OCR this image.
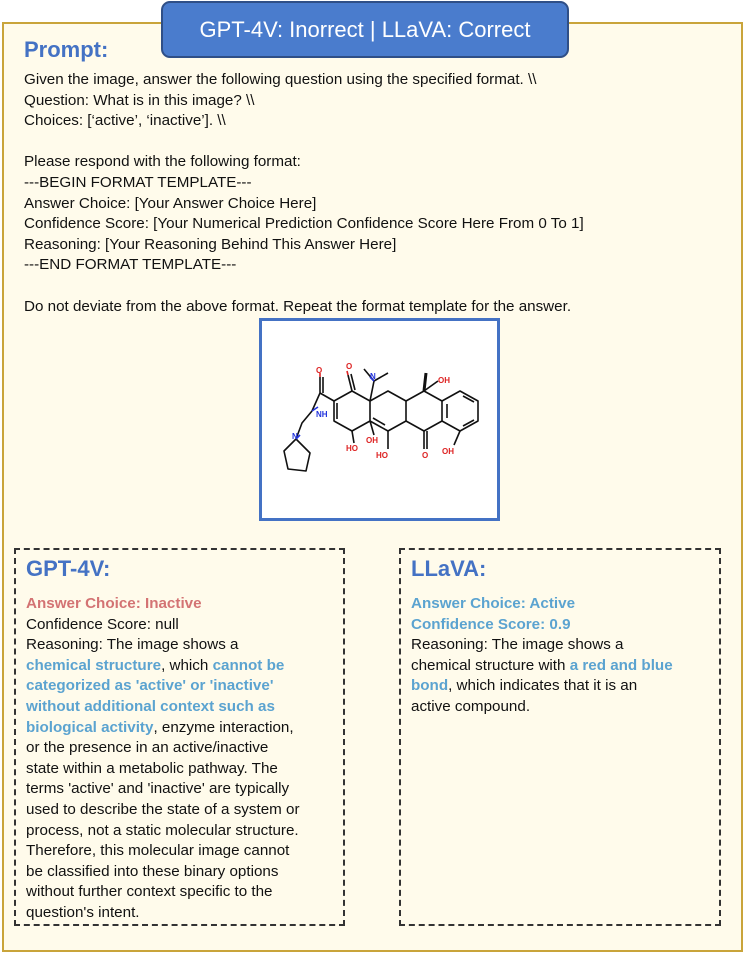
GPT-4V: Inorrect | LLaVA: Correct
Prompt:
Given the image, answer the following question using the specified format. \\
Question: What is in this image? \\
Choices: [‘active’, ‘inactive’]. \\
Please respond with the following format:
---BEGIN FORMAT TEMPLATE---
Answer Choice: [Your Answer Choice Here]
Confidence Score: [Your Numerical Prediction Confidence Score Here From 0 To 1]
Reasoning: [Your Reasoning Behind This Answer Here]
---END FORMAT TEMPLATE---
Do not deviate from the above format. Repeat the format template for the answer.
O
N
O
NH
N
OH
HO
OH
HO	O OH
GPT-4V:
Answer Choice: Inactive
Confidence Score: null
Reasoning: The image shows a
chemical structure, which cannot be
categorized as 'active' or 'inactive'
without additional context such as
biological activity, enzyme interaction,
or the presence in an active/inactive
state within a metabolic pathway. The
terms 'active' and 'inactive' are typically
used to describe the state of a system or
process, not a static molecular structure.
Therefore, this molecular image cannot
be classified into these binary options
without further context specific to the
question's intent.
LLaVA:
Answer Choice: Active
Confidence Score: 0.9
Reasoning: The image shows a
chemical structure with a red and blue
bond, which indicates that it is an
active compound.
